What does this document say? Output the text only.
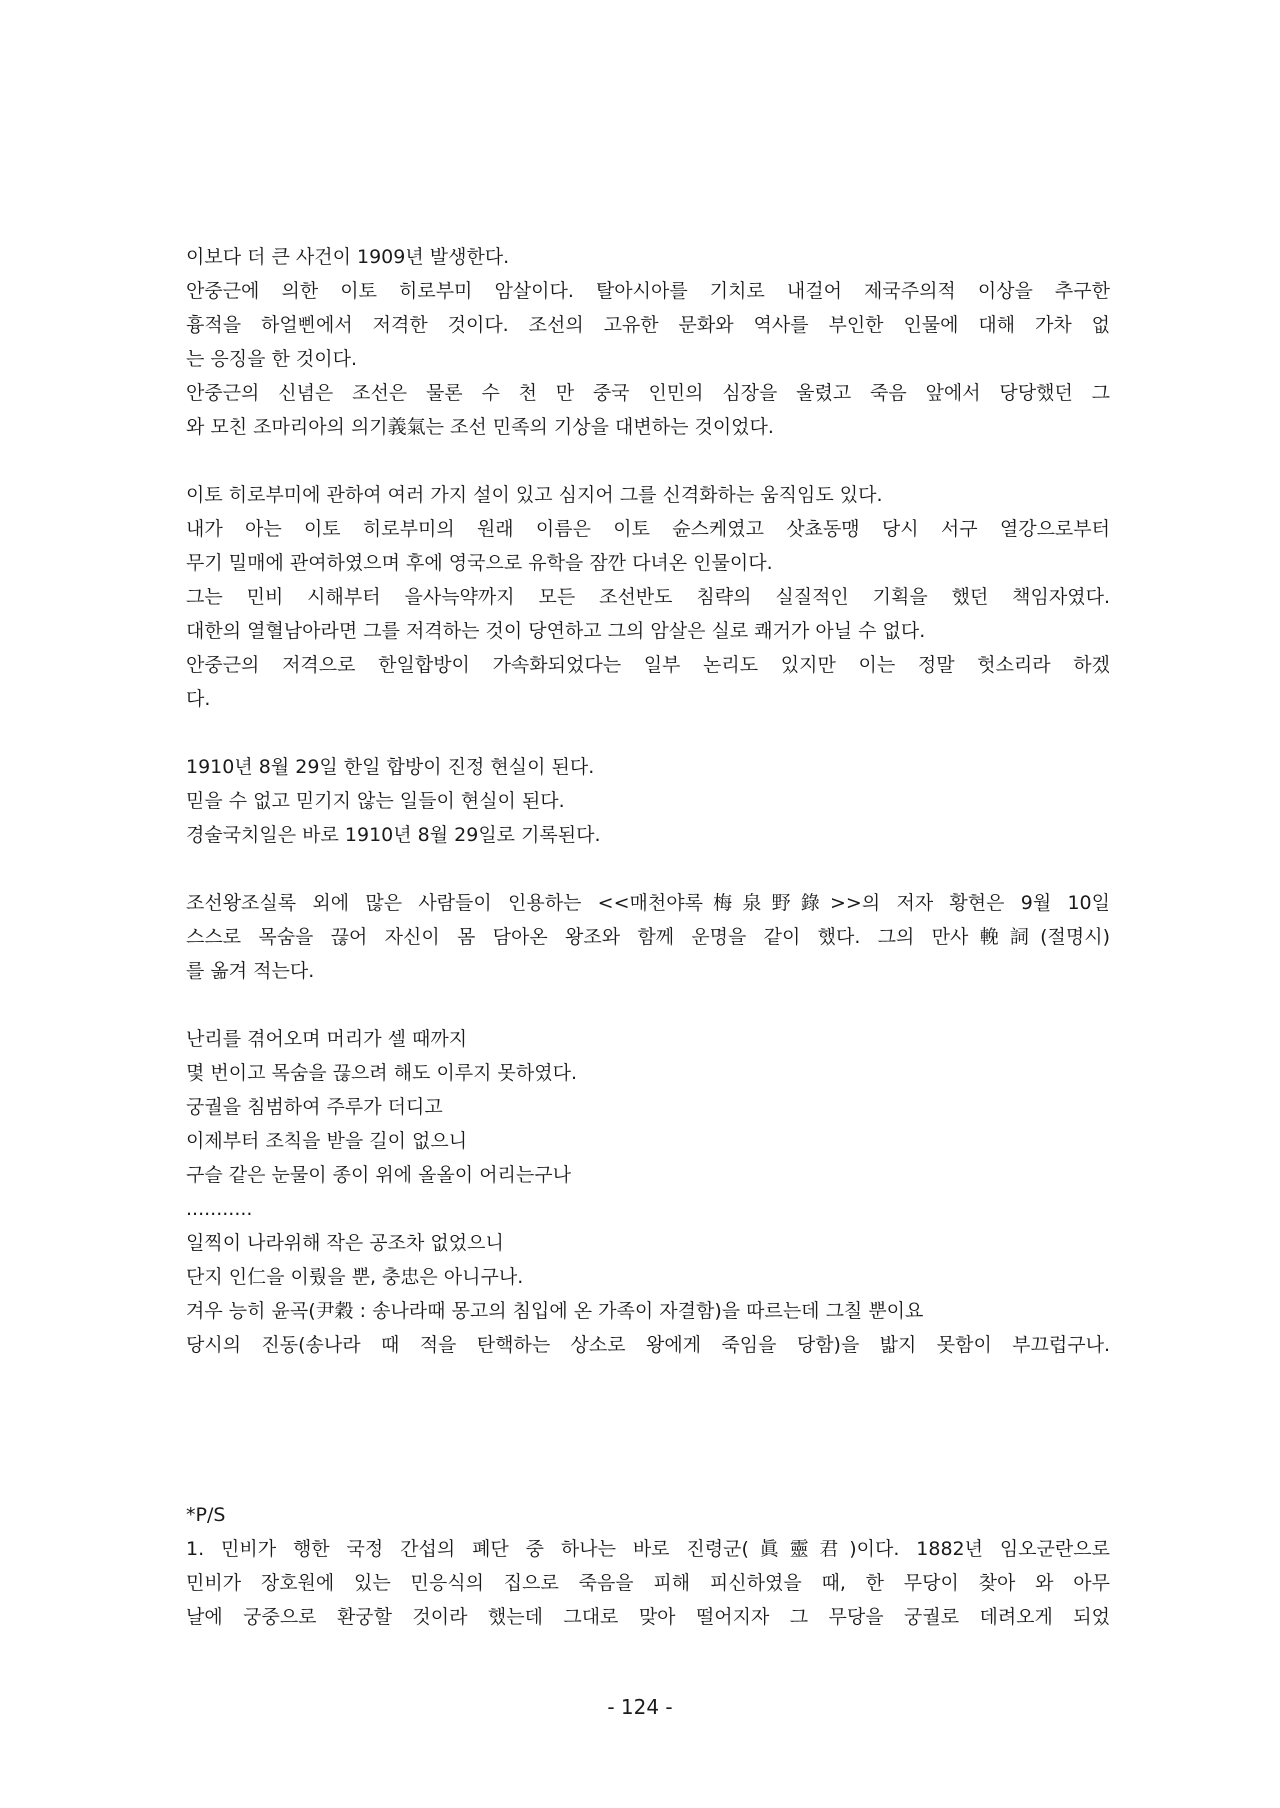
이보다 더 큰 사건이 1909년 발생한다.
안중근에 의한 이토 히로부미 암살이다. 탈아시아를 기치로 내걸어 제국주의적 이상을 추구한
흉적을 하얼삔에서 저격한 것이다. 조선의 고유한 문화와 역사를 부인한 인물에 대해 가차 없
는 응징을 한 것이다.
안중근의 신념은 조선은 물론 수 천 만 중국 인민의 심장을 울렸고 죽음 앞에서 당당했던 그
와 모친 조마리아의 의기義氣는 조선 민족의 기상을 대변하는 것이었다.
이토 히로부미에 관하여 여러 가지 설이 있고 심지어 그를 신격화하는 움직임도 있다.
내가 아는 이토 히로부미의 원래 이름은 이토 슌스케였고 삿쵸동맹 당시 서구 열강으로부터
무기 밀매에 관여하였으며 후에 영국으로 유학을 잠깐 다녀온 인물이다.
그는 민비 시해부터 을사늑약까지 모든 조선반도 침략의 실질적인 기획을 했던 책임자였다.
대한의 열혈남아라면 그를 저격하는 것이 당연하고 그의 암살은 실로 쾌거가 아닐 수 없다.
안중근의 저격으로 한일합방이 가속화되었다는 일부 논리도 있지만 이는 정말 헛소리라 하겠
다.
1910년 8월 29일 한일 합방이 진정 현실이 된다.
믿을 수 없고 믿기지 않는 일들이 현실이 된다.
경술국치일은 바로 1910년 8월 29일로 기록된다.
조선왕조실록 외에 많은 사람들이 인용하는 <<매천야록梅泉野錄>>의 저자 황현은 9월 10일
스스로 목숨을 끊어 자신이 몸 담아온 왕조와 함께 운명을 같이 했다. 그의 만사輓詞(절명시)
를 옮겨 적는다.
난리를 겪어오며 머리가 셀 때까지
몇 번이고 목숨을 끊으려 해도 이루지 못하였다.
궁궐을 침범하여 주루가 더디고
이제부터 조칙을 받을 길이 없으니
구슬 같은 눈물이 종이 위에 올올이 어리는구나
...........
일찍이 나라위해 작은 공조차 없었으니
단지 인仁을 이뤘을 뿐, 충忠은 아니구나.
겨우 능히 윤곡(尹穀 : 송나라때 몽고의 침입에 온 가족이 자결함)을 따르는데 그칠 뿐이요
당시의 진동(송나라 때 적을 탄핵하는 상소로 왕에게 죽임을 당함)을 밟지 못함이 부끄럽구나.
*P/S
1. 민비가 행한 국정 간섭의 폐단 중 하나는 바로 진령군(眞靈君)이다. 1882년 임오군란으로
민비가 장호원에 있는 민응식의 집으로 죽음을 피해 피신하였을 때, 한 무당이 찾아 와 아무
날에 궁중으로 환궁할 것이라 했는데 그대로 맞아 떨어지자 그 무당을 궁궐로 데려오게 되었
- 124 -
